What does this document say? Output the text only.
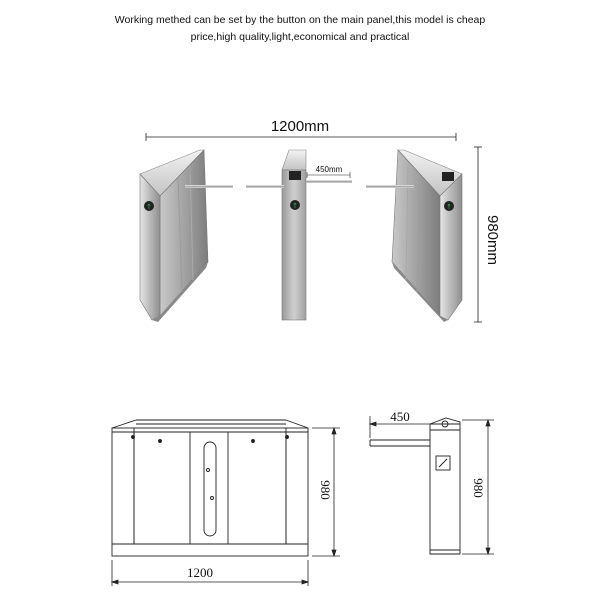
Working methed can be set by the button on the main panel,this model is cheap
price,high quality,light,economical and practical
1200mm
980mm
↑	↑
450mm
↑
1200
980
450
980
